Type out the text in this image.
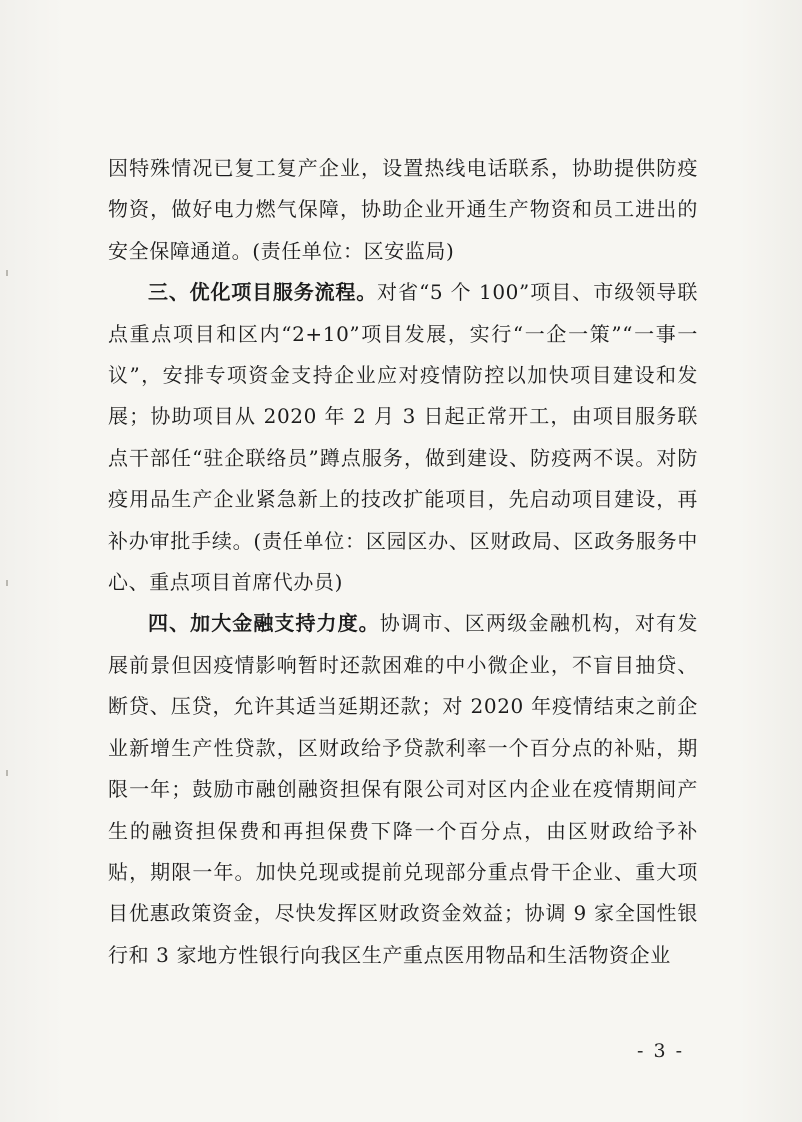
因特殊情况已复工复产企业，设置热线电话联系，协助提供防疫物资，做好电力燃气保障，协助企业开通生产物资和员工进出的安全保障通道。(责任单位：区安监局)

三、优化项目服务流程。对省“5 个 100”项目、市级领导联点重点项目和区内“2+10”项目发展，实行“一企一策”“一事一议”，安排专项资金支持企业应对疫情防控以加快项目建设和发展；协助项目从 2020 年 2 月 3 日起正常开工，由项目服务联点干部任“驻企联络员”蹲点服务，做到建设、防疫两不误。对防疫用品生产企业紧急新上的技改扩能项目，先启动项目建设，再补办审批手续。(责任单位：区园区办、区财政局、区政务服务中心、重点项目首席代办员)

四、加大金融支持力度。协调市、区两级金融机构，对有发展前景但因疫情影响暂时还款困难的中小微企业，不盲目抽贷、断贷、压贷，允许其适当延期还款；对 2020 年疫情结束之前企业新增生产性贷款，区财政给予贷款利率一个百分点的补贴，期限一年；鼓励市融创融资担保有限公司对区内企业在疫情期间产生的融资担保费和再担保费下降一个百分点，由区财政给予补贴，期限一年。加快兑现或提前兑现部分重点骨干企业、重大项目优惠政策资金，尽快发挥区财政资金效益；协调 9 家全国性银行和 3 家地方性银行向我区生产重点医用物品和生活物资企业

- 3 -
